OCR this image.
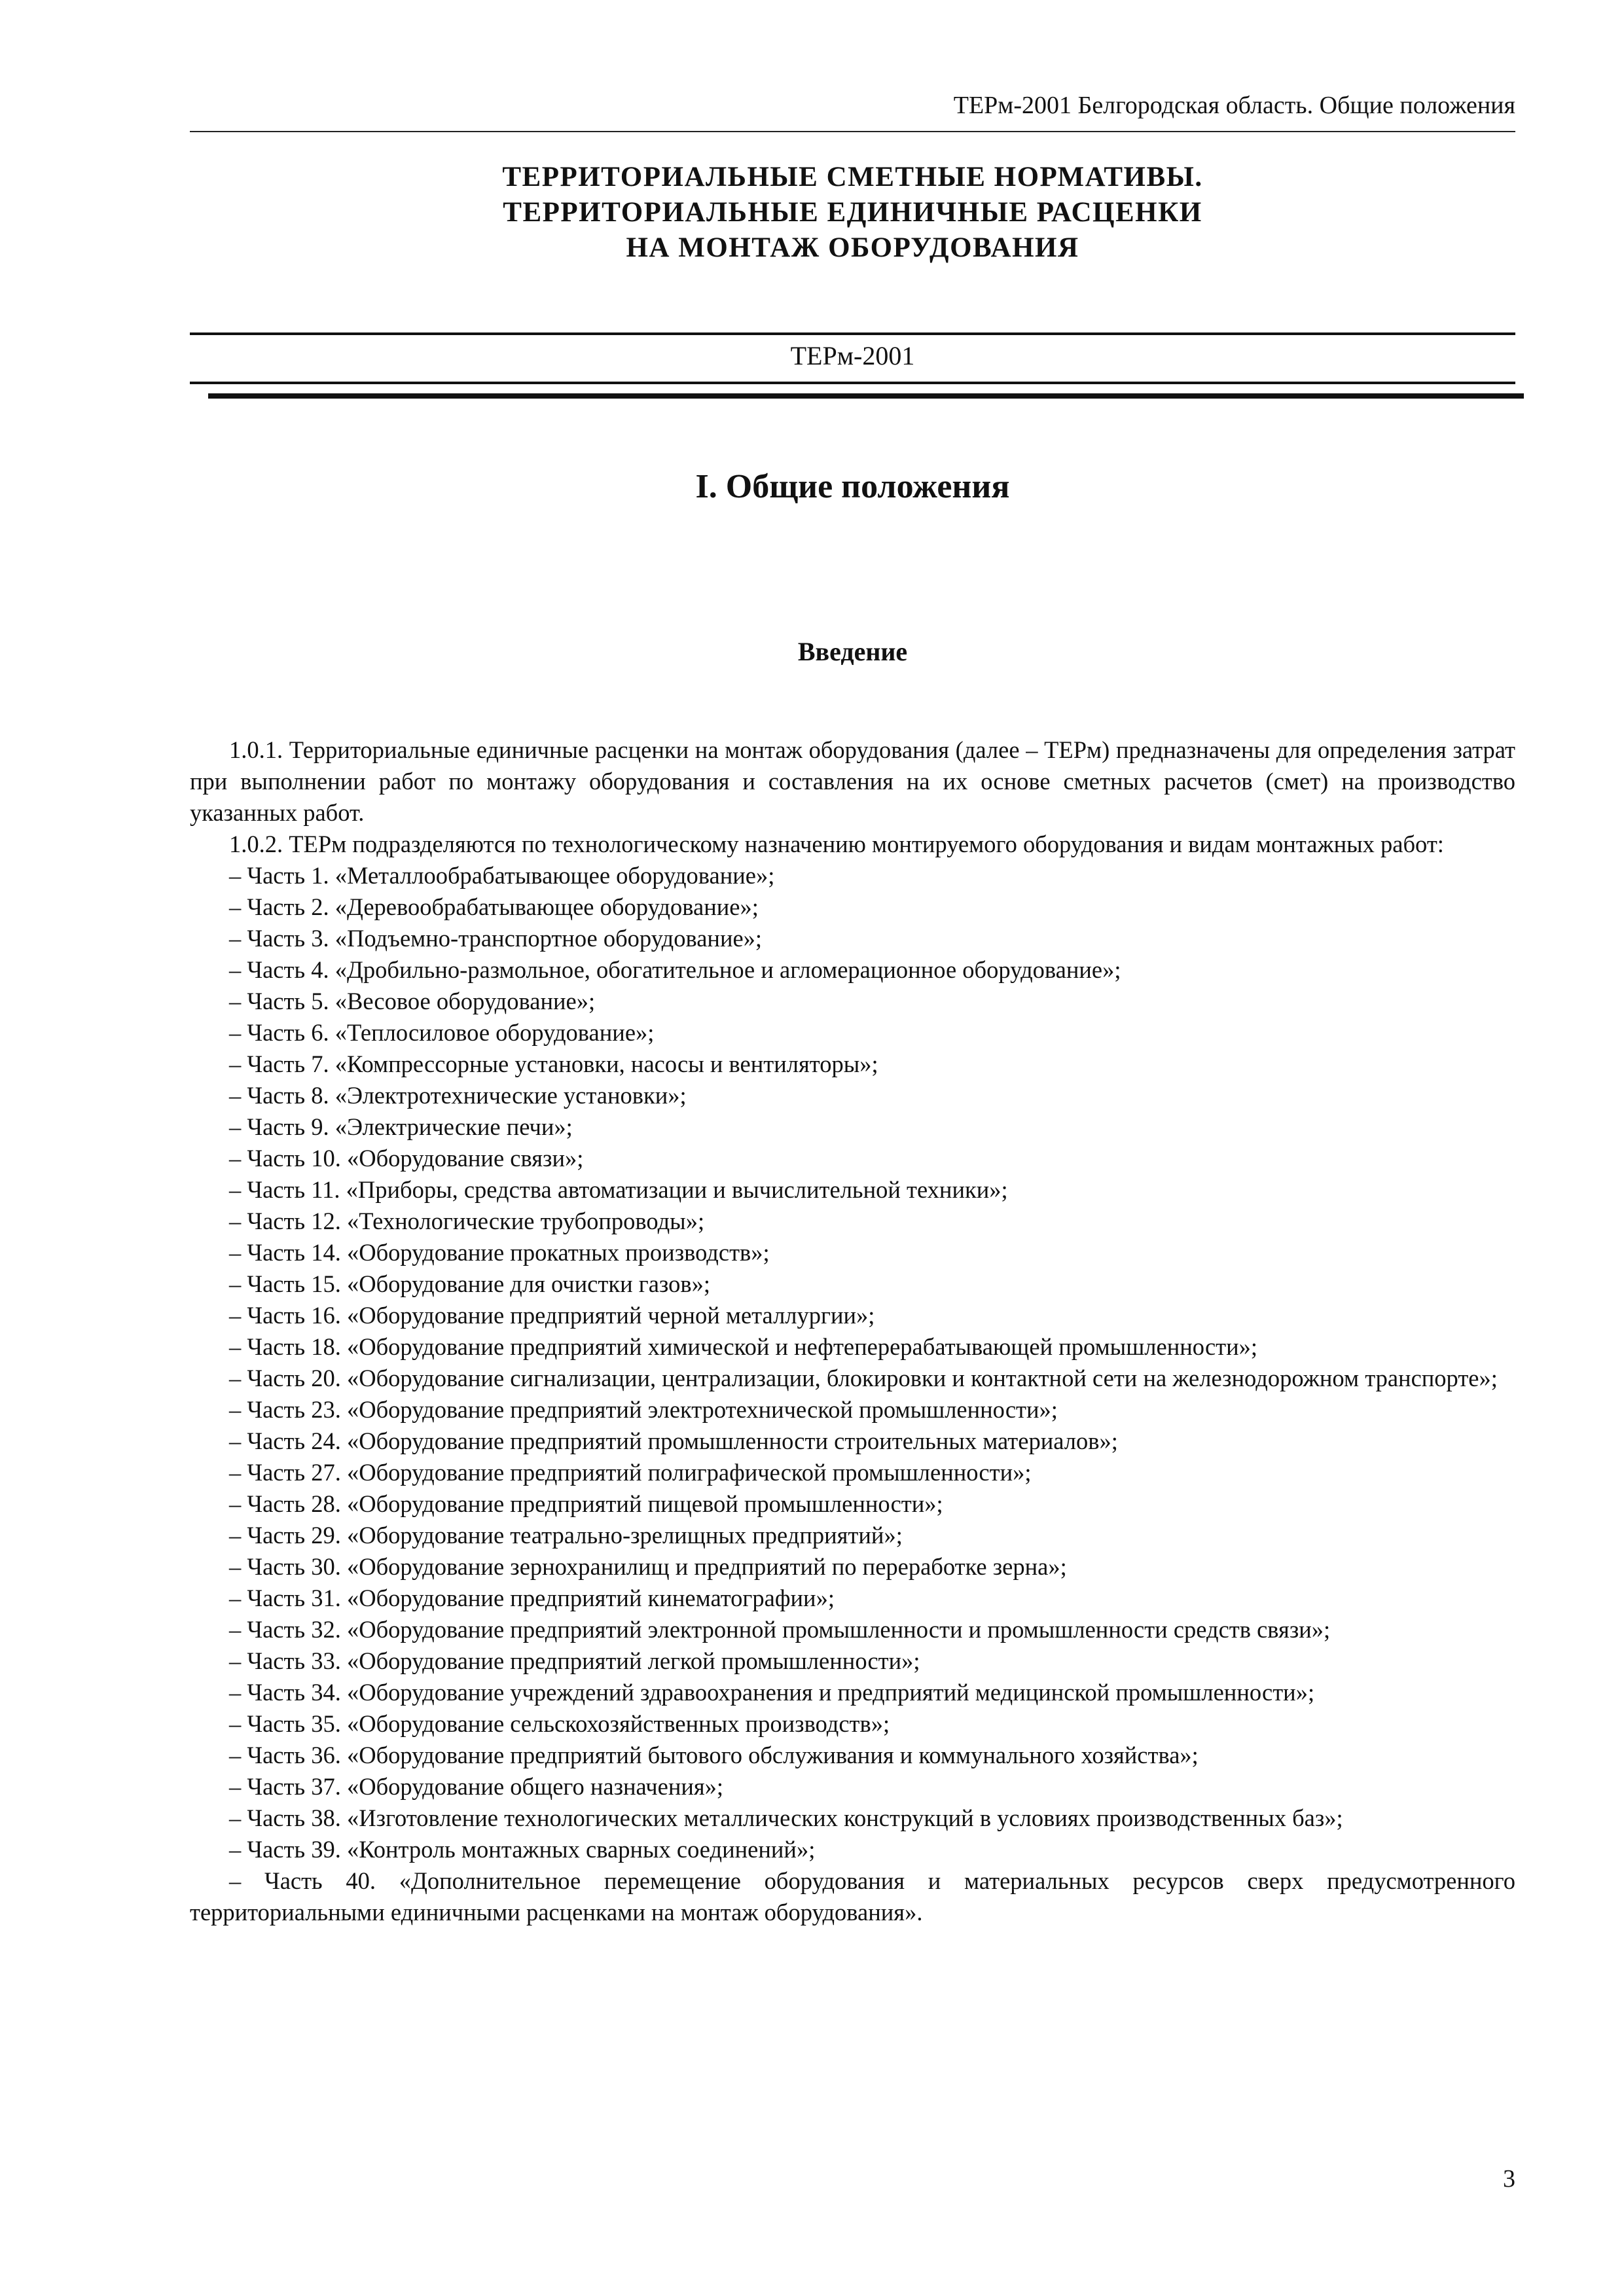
ТЕРм-2001 Белгородская область. Общие положения
ТЕРРИТОРИАЛЬНЫЕ СМЕТНЫЕ НОРМАТИВЫ.
ТЕРРИТОРИАЛЬНЫЕ ЕДИНИЧНЫЕ РАСЦЕНКИ
НА МОНТАЖ ОБОРУДОВАНИЯ
ТЕРм-2001
I. Общие положения
Введение

1.0.1. Территориальные единичные расценки на монтаж оборудования (далее – ТЕРм) предназначены для определения затрат при выполнении работ по монтажу оборудования и составления на их основе сметных расчетов (смет) на производство указанных работ.

1.0.2. ТЕРм подразделяются по технологическому назначению монтируемого оборудования и видам монтажных работ:

– Часть 1. «Металлообрабатывающее оборудование»;
– Часть 2. «Деревообрабатывающее оборудование»;
– Часть 3. «Подъемно-транспортное оборудование»;
– Часть 4. «Дробильно-размольное, обогатительное и агломерационное оборудование»;
– Часть 5. «Весовое оборудование»;
– Часть 6. «Теплосиловое оборудование»;
– Часть 7. «Компрессорные установки, насосы и вентиляторы»;
– Часть 8. «Электротехнические установки»;
– Часть 9. «Электрические печи»;
– Часть 10. «Оборудование связи»;
– Часть 11. «Приборы, средства автоматизации и вычислительной техники»;
– Часть 12. «Технологические трубопроводы»;
– Часть 14. «Оборудование прокатных производств»;
– Часть 15. «Оборудование для очистки газов»;
– Часть 16. «Оборудование предприятий черной металлургии»;
– Часть 18. «Оборудование предприятий химической и нефтеперерабатывающей промышленности»;
– Часть 20. «Оборудование сигнализации, централизации, блокировки и контактной сети на железнодорожном транспорте»;
– Часть 23. «Оборудование предприятий электротехнической промышленности»;
– Часть 24. «Оборудование предприятий промышленности строительных материалов»;
– Часть 27. «Оборудование предприятий полиграфической промышленности»;
– Часть 28. «Оборудование предприятий пищевой промышленности»;
– Часть 29. «Оборудование театрально-зрелищных предприятий»;
– Часть 30. «Оборудование зернохранилищ и предприятий по переработке зерна»;
– Часть 31. «Оборудование предприятий кинематографии»;
– Часть 32. «Оборудование предприятий электронной промышленности и промышленности средств связи»;
– Часть 33. «Оборудование предприятий легкой промышленности»;
– Часть 34. «Оборудование учреждений здравоохранения и предприятий медицинской промышленности»;
– Часть 35. «Оборудование сельскохозяйственных производств»;
– Часть 36. «Оборудование предприятий бытового обслуживания и коммунального хозяйства»;
– Часть 37. «Оборудование общего назначения»;
– Часть 38. «Изготовление технологических металлических конструкций в условиях производственных баз»;
– Часть 39. «Контроль монтажных сварных соединений»;
– Часть 40. «Дополнительное перемещение оборудования и материальных ресурсов сверх предусмотренного территориальными единичными расценками на монтаж оборудования».
3
